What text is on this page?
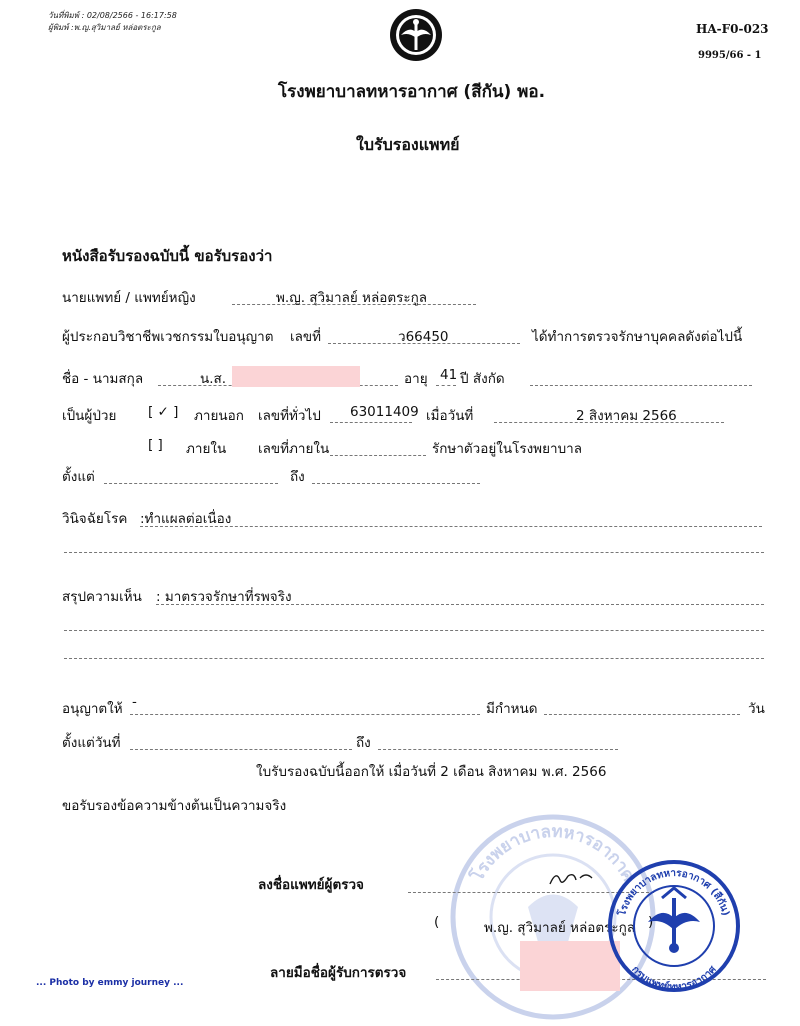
วันที่พิมพ์ : 02/08/2566 - 16:17:58
ผู้พิมพ์ :พ.ญ.สุวิมาลย์ หล่อตระกูล	HA-F0-023
9995/66 - 1
โรงพยาบาลทหารอากาศ (สีกัน) พอ.
ใบรับรองแพทย์
หนังสือรับรองฉบับนี้ ขอรับรองว่า
นายแพทย์ / แพทย์หญิง	พ.ญ. สุวิมาลย์ หล่อตระกูล
ผู้ประกอบวิชาชีพเวชกรรมใบอนุญาต เลขที่	ว66450	ได้ทำการตรวจรักษาบุคคลดังต่อไปนี้
ชื่อ - นามสกุล	น.ส.	อายุ 41 ปี สังกัด
เป็นผู้ป่วย [ ✓ ] ภายนอก เลขที่ทั่วไป 63011409 เมื่อวันที่	2 สิงหาคม 2566
[ ] ภายใน เลขที่ภายใน	รักษาตัวอยู่ในโรงพยาบาล
ตั้งแต่	ถึง
วินิจฉัยโรค :ทำแผลต่อเนื่อง
สรุปความเห็น : มาตรวจรักษาที่รพจริง
อนุญาตให้ -	มีกำหนด	วัน
ตั้งแต่วันที่	ถึง
ใบรับรองฉบับนี้ออกให้ เมื่อวันที่ 2 เดือน สิงหาคม พ.ศ. 2566
ขอรับรองข้อความข้างต้นเป็นความจริง
โรงพยาบาลทหารอากาศ
ลงชื่อแพทย์ผู้ตรวจ
(	พ.ญ. สุวิมาลย์ หล่อตระกูล )
ลายมือชื่อผู้รับการตรวจ
โรงพยาบาลทหารอากาศ (สีกัน)
กรมแพทย์ทหารอากาศ
... Photo by emmy journey ...
